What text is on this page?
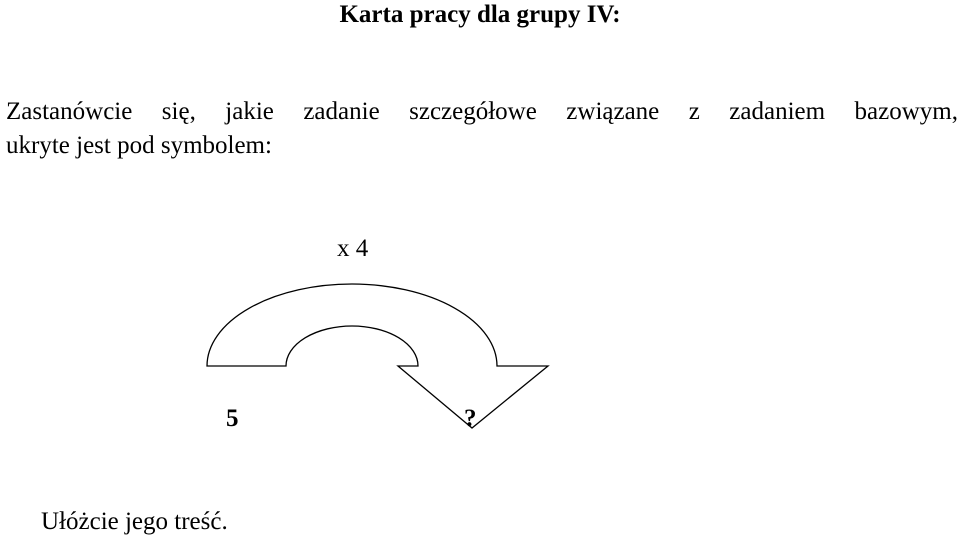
Karta pracy dla grupy IV:

Zastanówcie się, jakie zadanie szczegółowe związane z zadaniem bazowym,
ukryte jest pod symbolem:

x 4
5	?
Ułóżcie jego treść.
